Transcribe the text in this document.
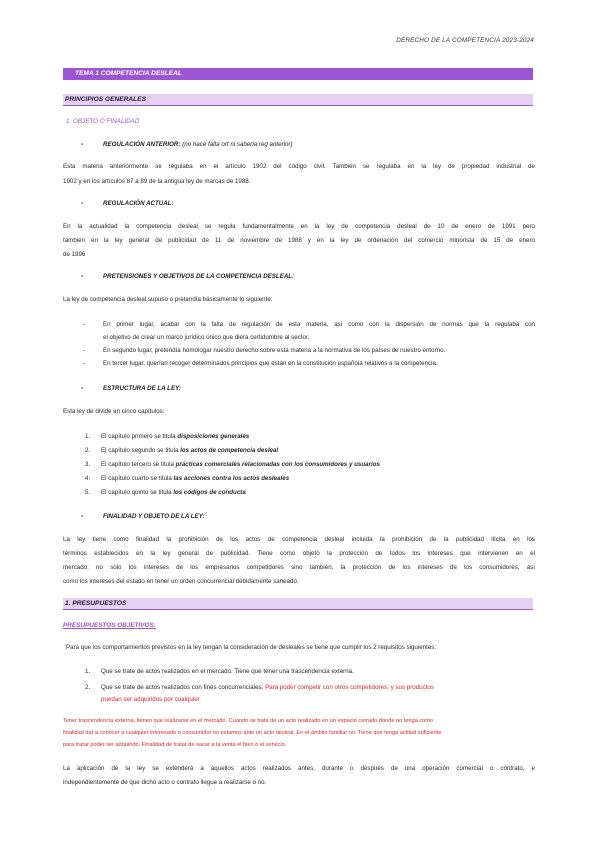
DERECHO DE LA COMPETENCIA 2023-2024
TEMA 1 COMPETENCIA DESLEAL
PRINCIPIOS GENERALES
1. OBJETO O FINALIDAD
•	REGULACIÓN ANTERIOR: (no hace falta ort ni saberla reg anterior)
Esta materia anteriormente se regulaba en el artículo 1902 del código civil. También se regulaba en la ley de propiedad industrial de
1902 y en los artículos 87 a 89 de la antigua ley de marcas de 1988.
•	REGULACIÓN ACTUAL:
En la actualidad la competencia desleal se regula fundamentalmente en la ley de competencia desleal de 10 de enero de 1991 pero
también en la ley general de publicidad de 11 de noviembre de 1988 y en la ley de ordenación del comercio minorista de 15 de enero
de 1996
•	PRETENSIONES Y OBJETIVOS DE LA COMPETENCIA DESLEAL:
La ley de competencia desleal supuso o pretendía básicamente lo siguiente:
-	En primer lugar, acabar con la falta de regulación de esta materia, así como con la dispersión de normas que la regulaba con
el objetivo de crear un marco jurídico único que diera certidumbre al sector.
-	En segundo lugar, pretendía homologar nuestro derecho sobre esta materia a la normativa de los países de nuestro entorno.
-	En tercer lugar, querían recoger determinados principios que están en la constitución española relativos a la competencia.
•	ESTRUCTURA DE LA LEY:
Esta ley de divide en cinco capítulos:
1. El capítulo primero se titula disposiciones generales
2. El capítulo segundo se titula los actos de competencia desleal
3. El capítulo tercero se titula prácticas comerciales relacionadas con los consumidores y usuarios
4. El capítulo cuarto se titula las acciones contra los actos desleales
5. El capítulo quinto se titula los códigos de conducta
•	FINALIDAD Y OBJETO DE LA LEY:
La ley tiene como finalidad la prohibición de los actos de competencia desleal incluida la prohibición de la publicidad ilícita en los
términos establecidos en la ley general de publicidad. Tiene como objeto la protección de todos los intereses que intervienen en el
mercado: no solo los intereses de los empresarios competidores sino también, la protección de los intereses de los consumidores, así
como los intereses del estado en tener un orden concurrencial debidamente saneado.
1. PRESUPUESTOS
PRESUPUESTOS OBJETIVOS:
Para que los comportamientos previstos en la ley tengan la consideración de desleales se tiene que cumplir los 2 requisitos siguientes:
1. Que se trate de actos realizados en el mercado. Tiene que tener una trascendencia externa.
2. Que se trate de actos realizados con fines concurrenciales. Para poder competir con otros competidores, y sus productos
puedan ser adquiridos por cualquier
Tener trascendencia externa, tienen que realizarse en el mercado. Cuando se trata de un acto realizado en un espacio cerrado donde no tenga como
finalidad dar a conocer a cualquier interesado o consumidor no estamos ante un acto desleal. En el ámbito familiar no. Tiene que tenga actitud suficiente
para tratar poder ser adquirido. Finalidad de tratar de sacar a la venta el bien o el servicio.
La aplicación de la ley se extenderá a aquellos actos realizados antes, durante o después de una operación comercial o contrato, e
independientemente de que dicho acto o contrato llegue a realizarse o no.
